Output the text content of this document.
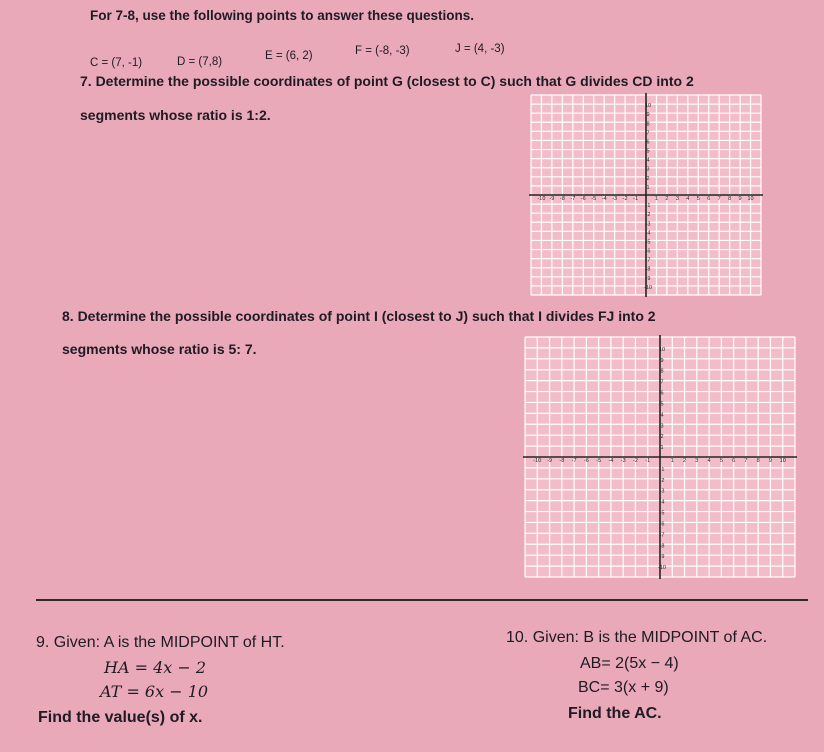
For 7-8, use the following points to answer these questions.
C = (7, -1)	D = (7,8)	E = (6, 2)	F = (-8, -3)	J = (4, -3)
7. Determine the possible coordinates of point G (closest to C) such that G divides CD into 2
segments whose ratio is 1:2.
1
-1
1
-1
2
-2
2
-2
3
-3
3
-3
4
-4
4
-4
5
-5
5
-5
6
-6
6
-6
7
-7
7
-7
8
-8
8
-8
9
-9
9
-9
10
-10
10
-10
8. Determine the possible coordinates of point I (closest to J) such that I divides FJ into 2
segments whose ratio is 5: 7.
1
-1
1
-1
2
-2
2
-2
3
-3
3
-3
4
-4
4
-4
5
-5
5
-5
6
-6
6
-6
7
-7
7
-7
8
-8
8
-8
9
-9
9
-9
10
-10
10
-10
9. Given: A is the MIDPOINT of HT.
HA = 4x − 2
AT = 6x − 10
Find the value(s) of x.
10. Given: B is the MIDPOINT of AC.
AB= 2(5x − 4)
BC= 3(x + 9)
Find the AC.
